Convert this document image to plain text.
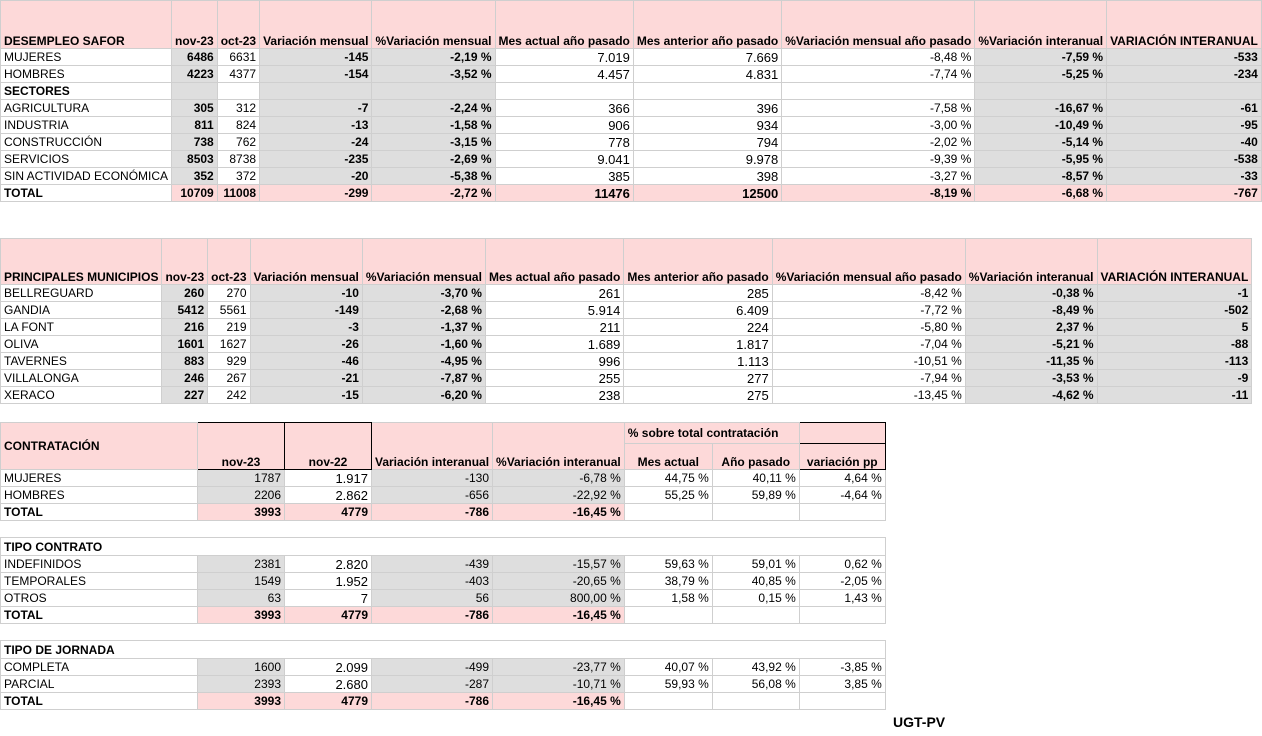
DESEMPLEO SAFOR	nov-23	oct-23	Variación mensual	%Variación mensual	Mes actual año pasado	Mes anterior año pasado	%Variación mensual año pasado	%Variación interanual	VARIACIÓN INTERANUAL
MUJERES	6486	6631	-145	-2,19 %	7.019	7.669	-8,48 %	-7,59 %	-533
HOMBRES	4223	4377	-154	-3,52 %	4.457	4.831	-7,74 %	-5,25 %	-234
SECTORES									
AGRICULTURA	305	312	-7	-2,24 %	366	396	-7,58 %	-16,67 %	-61
INDUSTRIA	811	824	-13	-1,58 %	906	934	-3,00 %	-10,49 %	-95
CONSTRUCCIÓN	738	762	-24	-3,15 %	778	794	-2,02 %	-5,14 %	-40
SERVICIOS	8503	8738	-235	-2,69 %	9.041	9.978	-9,39 %	-5,95 %	-538
SIN ACTIVIDAD ECONÓMICA	352	372	-20	-5,38 %	385	398	-3,27 %	-8,57 %	-33
TOTAL	10709	11008	-299	-2,72 %	11476	12500	-8,19 %	-6,68 %	-767

PRINCIPALES MUNICIPIOS	nov-23	oct-23	Variación mensual	%Variación mensual	Mes actual año pasado	Mes anterior año pasado	%Variación mensual año pasado	%Variación interanual	VARIACIÓN INTERANUAL
BELLREGUARD	260	270	-10	-3,70 %	261	285	-8,42 %	-0,38 %	-1
GANDIA	5412	5561	-149	-2,68 %	5.914	6.409	-7,72 %	-8,49 %	-502
LA FONT	216	219	-3	-1,37 %	211	224	-5,80 %	2,37 %	5
OLIVA	1601	1627	-26	-1,60 %	1.689	1.817	-7,04 %	-5,21 %	-88
TAVERNES	883	929	-46	-4,95 %	996	1.113	-10,51 %	-11,35 %	-113
VILLALONGA	246	267	-21	-7,87 %	255	277	-7,94 %	-3,53 %	-9
XERACO	227	242	-15	-6,20 %	238	275	-13,45 %	-4,62 %	-11
CONTRATACIÓN	nov-23	nov-22	Variación interanual	%Variación interanual	% sobre total contratación		
					Mes actual	Año pasado	variación pp
MUJERES	1787	1.917	-130	-6,78 %	44,75 %	40,11 %	4,64 %
HOMBRES	2206	2.862	-656	-22,92 %	55,25 %	59,89 %	-4,64 %
TOTAL	3993	4779	-786	-16,45 %			

TIPO CONTRATO							
INDEFINIDOS	2381	2.820	-439	-15,57 %	59,63 %	59,01 %	0,62 %
TEMPORALES	1549	1.952	-403	-20,65 %	38,79 %	40,85 %	-2,05 %
OTROS	63	7	56	800,00 %	1,58 %	0,15 %	1,43 %
TOTAL	3993	4779	-786	-16,45 %			

TIPO DE JORNADA							
COMPLETA	1600	2.099	-499	-23,77 %	40,07 %	43,92 %	-3,85 %
PARCIAL	2393	2.680	-287	-10,71 %	59,93 %	56,08 %	3,85 %
TOTAL	3993	4779	-786	-16,45 %			
UGT-PV
